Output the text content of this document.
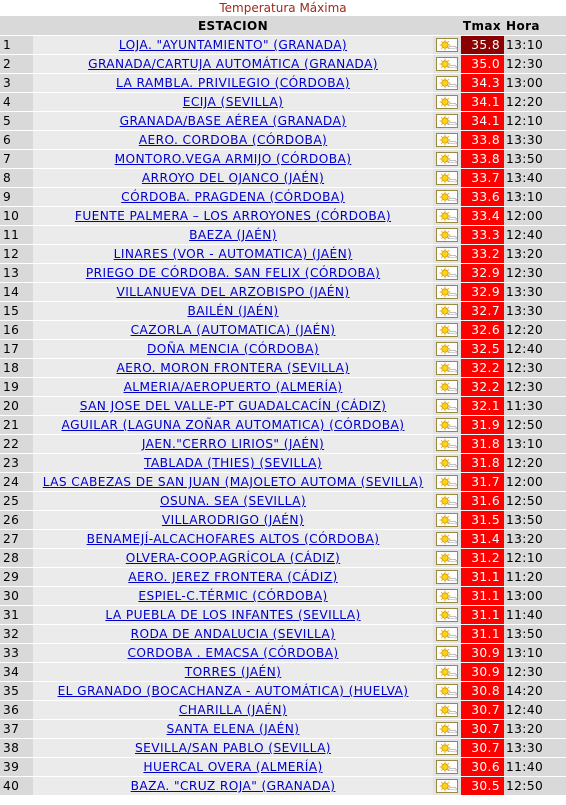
Temperatura Máxima
	ESTACION		Tmax	Hora
1	LOJA. "AYUNTAMIENTO" (GRANADA)		35.8	13:10
2	GRANADA/CARTUJA AUTOMÁTICA (GRANADA)		35.0	12:30
3	LA RAMBLA. PRIVILEGIO (CÓRDOBA)		34.3	13:00
4	ECIJA (SEVILLA)		34.1	12:20
5	GRANADA/BASE AÉREA (GRANADA)		34.1	12:10
6	AERO. CORDOBA (CÓRDOBA)		33.8	13:30
7	MONTORO.VEGA ARMIJO (CÓRDOBA)		33.8	13:50
8	ARROYO DEL OJANCO (JAÉN)		33.7	13:40
9	CÓRDOBA. PRAGDENA (CÓRDOBA)		33.6	13:10
10	FUENTE PALMERA – LOS ARROYONES (CÓRDOBA)		33.4	12:00
11	BAEZA (JAÉN)		33.3	12:40
12	LINARES (VOR - AUTOMATICA) (JAÉN)		33.2	13:20
13	PRIEGO DE CÓRDOBA. SAN FELIX (CÓRDOBA)		32.9	12:30
14	VILLANUEVA DEL ARZOBISPO (JAÉN)		32.9	13:30
15	BAILÉN (JAÉN)		32.7	13:30
16	CAZORLA (AUTOMATICA) (JAÉN)		32.6	12:20
17	DOÑA MENCIA (CÓRDOBA)		32.5	12:40
18	AERO. MORON FRONTERA (SEVILLA)		32.2	12:30
19	ALMERIA/AEROPUERTO (ALMERÍA)		32.2	12:30
20	SAN JOSE DEL VALLE-PT GUADALCACÍN (CÁDIZ)		32.1	11:30
21	AGUILAR (LAGUNA ZOÑAR AUTOMATICA) (CÓRDOBA)		31.9	12:50
22	JAEN."CERRO LIRIOS" (JAÉN)		31.8	13:10
23	TABLADA (THIES) (SEVILLA)		31.8	12:20
24	LAS CABEZAS DE SAN JUAN (MAJOLETO AUTOMA (SEVILLA)		31.7	12:00
25	OSUNA. SEA (SEVILLA)		31.6	12:50
26	VILLARODRIGO (JAÉN)		31.5	13:50
27	BENAMEJÍ-ALCACHOFARES ALTOS (CÓRDOBA)		31.4	13:20
28	OLVERA-COOP.AGRÍCOLA (CÁDIZ)		31.2	12:10
29	AERO. JEREZ FRONTERA (CÁDIZ)		31.1	11:20
30	ESPIEL-C.TÉRMIC (CÓRDOBA)		31.1	13:00
31	LA PUEBLA DE LOS INFANTES (SEVILLA)		31.1	11:40
32	RODA DE ANDALUCIA (SEVILLA)		31.1	13:50
33	CORDOBA . EMACSA (CÓRDOBA)		30.9	13:10
34	TORRES (JAÉN)		30.9	12:30
35	EL GRANADO (BOCACHANZA - AUTOMÁTICA) (HUELVA)		30.8	14:20
36	CHARILLA (JAÉN)		30.7	12:40
37	SANTA ELENA (JAÉN)		30.7	13:20
38	SEVILLA/SAN PABLO (SEVILLA)		30.7	13:30
39	HUERCAL OVERA (ALMERÍA)		30.6	11:40
40	BAZA. "CRUZ ROJA" (GRANADA)		30.5	12:50
